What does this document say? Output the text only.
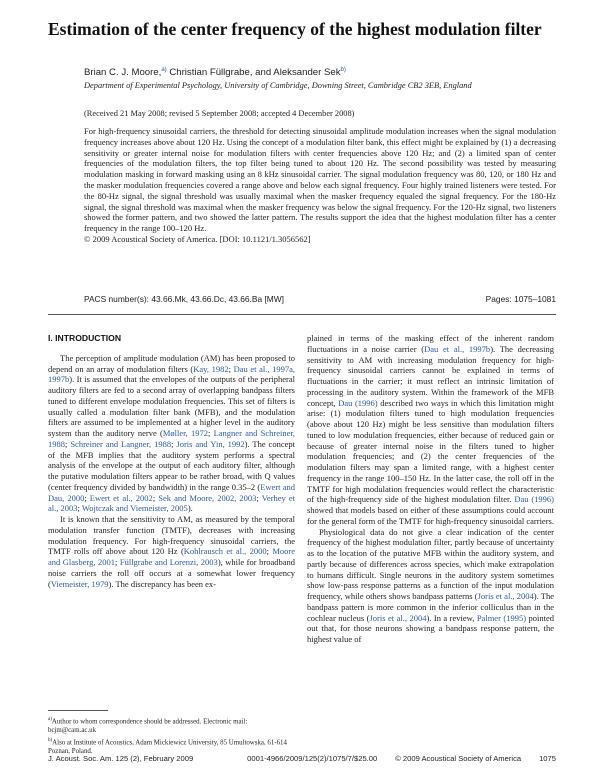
Estimation of the center frequency of the highest modulation filter
Brian C. J. Moore,$^{a)}$ Christian Füllgrabe, and Aleksander Sek$^{b)}$
Department of Experimental Psychology, University of Cambridge, Downing Street, Cambridge CB2 3EB, England
(Received 21 May 2008; revised 5 September 2008; accepted 4 December 2008)
For high-frequency sinusoidal carriers, the threshold for detecting sinusoidal amplitude modulation increases when the signal modulation frequency increases above about 120 Hz. Using the concept of a modulation filter bank, this effect might be explained by (1) a decreasing sensitivity or greater internal noise for modulation filters with center frequencies above 120 Hz; and (2) a limited span of center frequencies of the modulation filters, the top filter being tuned to about 120 Hz. The second possibility was tested by measuring modulation masking in forward masking using an 8 kHz sinusoidal carrier. The signal modulation frequency was 80, 120, or 180 Hz and the masker modulation frequencies covered a range above and below each signal frequency. Four highly trained listeners were tested. For the 80-Hz signal, the signal threshold was usually maximal when the masker frequency equaled the signal frequency. For the 180-Hz signal, the signal threshold was maximal when the masker frequency was below the signal frequency. For the 120-Hz signal, two listeners showed the former pattern, and two showed the latter pattern. The results support the idea that the highest modulation filter has a center frequency in the range 100–120 Hz.
© 2009 Acoustical Society of America. [DOI: 10.1121/1.3056562]
PACS number(s): 43.66.Mk, 43.66.Dc, 43.66.Ba [MW]	Pages: 1075–1081
I. INTRODUCTION

The perception of amplitude modulation (AM) has been proposed to depend on an array of modulation filters (Kay, 1982; Dau et al., 1997a, 1997b). It is assumed that the envelopes of the outputs of the peripheral auditory filters are fed to a second array of overlapping bandpass filters tuned to different envelope modulation frequencies. This set of filters is usually called a modulation filter bank (MFB), and the modulation filters are assumed to be implemented at a higher level in the auditory system than the auditory nerve (Møller, 1972; Langner and Schreiner, 1988; Schreiner and Langner, 1988; Joris and Yin, 1992). The concept of the MFB implies that the auditory system performs a spectral analysis of the envelope at the output of each auditory filter, although the putative modulation filters appear to be rather broad, with Q values (center frequency divided by bandwidth) in the range 0.35–2 (Ewert and Dau, 2000; Ewert et al., 2002; Sek and Moore, 2002, 2003; Verhey et al., 2003; Wojtczak and Viemeister, 2005).

It is known that the sensitivity to AM, as measured by the temporal modulation transfer function (TMTF), decreases with increasing modulation frequency. For high-frequency sinusoidal carriers, the TMTF rolls off above about 120 Hz (Kohlrausch et al., 2000; Moore and Glasberg, 2001; Füllgrabe and Lorenzi, 2003), while for broadband noise carriers the roll off occurs at a somewhat lower frequency (Viemeister, 1979). The discrepancy has been ex-

plained in terms of the masking effect of the inherent random fluctuations in a noise carrier (Dau et al., 1997b). The decreasing sensitivity to AM with increasing modulation frequency for high-frequency sinusoidal carriers cannot be explained in terms of fluctuations in the carrier; it must reflect an intrinsic limitation of processing in the auditory system. Within the framework of the MFB concept, Dau (1996) described two ways in which this limitation might arise: (1) modulation filters tuned to high modulation frequencies (above about 120 Hz) might be less sensitive than modulation filters tuned to low modulation frequencies, either because of reduced gain or because of greater internal noise in the filters tuned to higher modulation frequencies; and (2) the center frequencies of the modulation filters may span a limited range, with a highest center frequency in the range 100–150 Hz. In the latter case, the roll off in the TMTF for high modulation frequencies would reflect the characteristic of the high-frequency side of the highest modulation filter. Dau (1996) showed that models based on either of these assumptions could account for the general form of the TMTF for high-frequency sinusoidal carriers.

Physiological data do not give a clear indication of the center frequency of the highest modulation filter, partly because of uncertainty as to the location of the putative MFB within the auditory system, and partly because of differences across species, which make extrapolation to humans difficult. Single neurons in the auditory system sometimes show low-pass response patterns as a function of the input modulation frequency, while others shows bandpass patterns (Joris et al., 2004). The bandpass pattern is more common in the inferior colliculus than in the cochlear nucleus (Joris et al., 2004). In a review, Palmer (1995) pointed out that, for those neurons showing a bandpass response pattern, the highest value of

$^{a)}$Author to whom correspondence should be addressed. Electronic mail: bcjm@cam.ac.uk

$^{b)}$Also at Institute of Acoustics, Adam Mickiewicz University, 85 Umultowska, 61-614 Poznan, Poland.

J. Acoust. Soc. Am. 125 (2), February 2009	0001-4966/2009/125(2)/1075/7/$25.00 © 2009 Acoustical Society of America 1075
